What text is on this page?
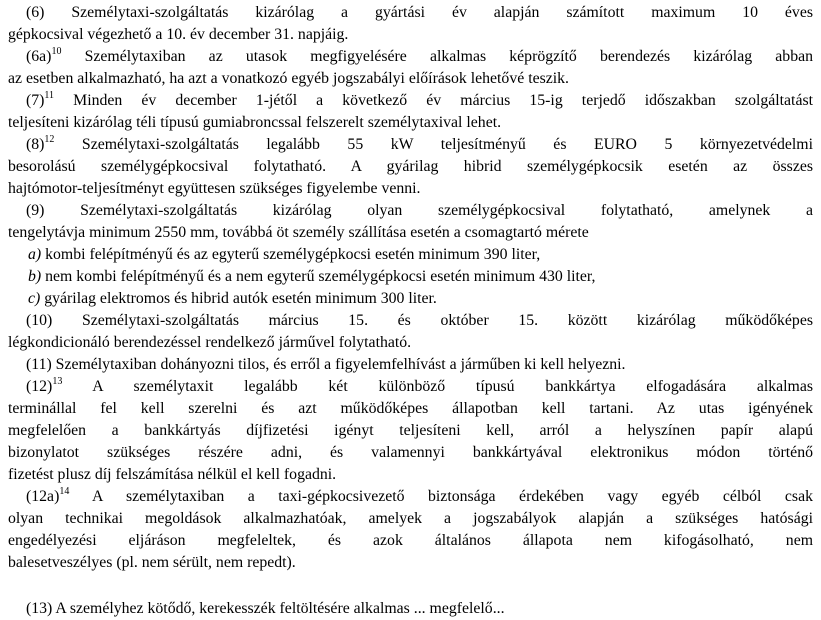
(6) Személytaxi-szolgáltatás kizárólag a gyártási év alapján számított maximum 10 éves
gépkocsival végezhető a 10. év december 31. napjáig.
$(6a)^{10}$ Személytaxiban az utasok megfigyelésére alkalmas képrögzítő berendezés kizárólag abban
az esetben alkalmazható, ha azt a vonatkozó egyéb jogszabályi előírások lehetővé teszik.
$(7)^{11}$ Minden év december 1-jétől a következő év március 15-ig terjedő időszakban szolgáltatást
teljesíteni kizárólag téli típusú gumiabroncssal felszerelt személytaxival lehet.
$(8)^{12}$ Személytaxi-szolgáltatás legalább 55 kW teljesítményű és EURO 5 környezetvédelmi
besorolású személygépkocsival folytatható. A gyárilag hibrid személygépkocsik esetén az összes
hajtómotor-teljesítményt együttesen szükséges figyelembe venni.
(9) Személytaxi-szolgáltatás kizárólag olyan személygépkocsival folytatható, amelynek a
tengelytávja minimum 2550 mm, továbbá öt személy szállítása esetén a csomagtartó mérete
a) kombi felépítményű és az egyterű személygépkocsi esetén minimum 390 liter,
b) nem kombi felépítményű és a nem egyterű személygépkocsi esetén minimum 430 liter,
c) gyárilag elektromos és hibrid autók esetén minimum 300 liter.
(10) Személytaxi-szolgáltatás március 15. és október 15. között kizárólag működőképes
légkondicionáló berendezéssel rendelkező járművel folytatható.
(11) Személytaxiban dohányozni tilos, és erről a figyelemfelhívást a járműben ki kell helyezni.
$(12)^{13}$ A személytaxit legalább két különböző típusú bankkártya elfogadására alkalmas
terminállal fel kell szerelni és azt működőképes állapotban kell tartani. Az utas igényének
megfelelően a bankkártyás díjfizetési igényt teljesíteni kell, arról a helyszínen papír alapú
bizonylatot szükséges részére adni, és valamennyi bankkártyával elektronikus módon történő
fizetést plusz díj felszámítása nélkül el kell fogadni.
$(12a)^{14}$ A személytaxiban a taxi-gépkocsivezető biztonsága érdekében vagy egyéb célból csak
olyan technikai megoldások alkalmazhatóak, amelyek a jogszabályok alapján a szükséges hatósági
engedélyezési eljáráson megfeleltek, és azok általános állapota nem kifogásolható, nem
balesetveszélyes (pl. nem sérült, nem repedt).
(13) A személyhez kötődő, kerekesszék feltöltésére alkalmas ... megfelelő...
